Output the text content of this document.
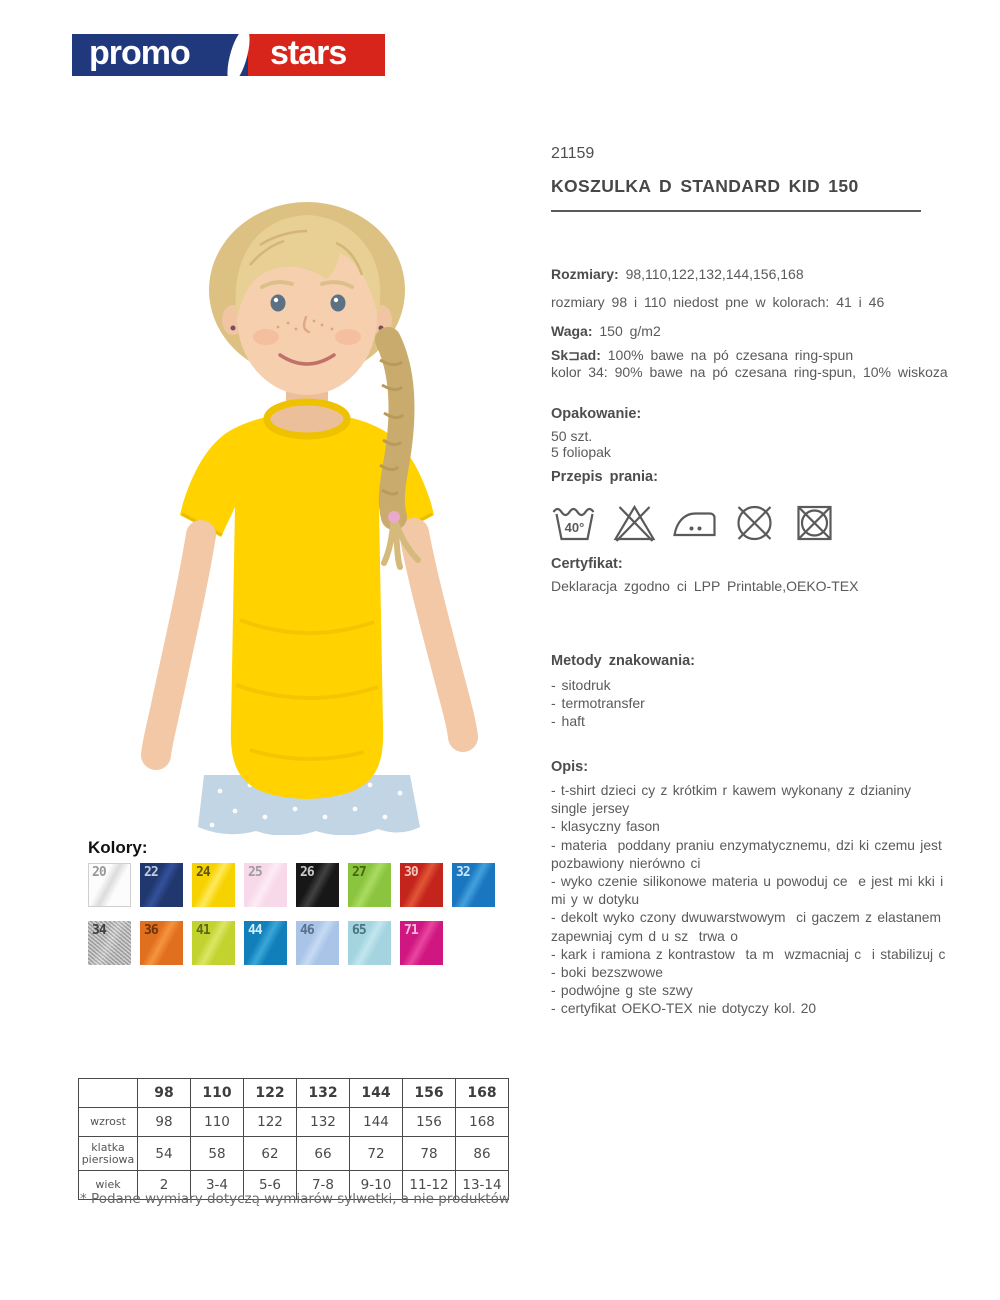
promo stars
21159
KOSZULKA D STANDARD KID 150
Rozmiary: 98,110,122,132,144,156,168
rozmiary 98 i 110 niedost pne w kolorach: 41 i 46
Waga: 150 g/m2
Sk⊐ad: 100% bawe na pó czesana ring-spun
kolor 34: 90% bawe na pó czesana ring-spun, 10% wiskoza
Opakowanie:
50 szt.
5 foliopak
Przepis prania:
40°
Certyfikat:
Deklaracja zgodno ci LPP Printable,OEKO-TEX
Metody znakowania:
- sitodruk
- termotransfer
- haft
Opis:
- t-shirt dzieci cy z krótkim r kawem wykonany z dzianiny single jersey
- klasyczny fason
- materia  poddany praniu enzymatycznemu, dzi ki czemu jest pozbawiony nierówno ci
- wyko czenie silikonowe materia u powoduj ce  e jest mi kki i mi y w dotyku
- dekolt wyko czony dwuwarstwowym  ci gaczem z elastanem zapewniaj cym d u sz  trwa o
- kark i ramiona z kontrastow  ta m  wzmacniaj c  i stabilizuj c
- boki bezszwowe
- podwójne g ste szwy
- certyfikat OEKO-TEX nie dotyczy kol. 20
Kolory:
20	22	24	25	26	27	30	32
34	36	41	44	46	65	71
	98	110	122	132	144	156	168
wzrost	98	110	122	132	144	156	168
klatka piersiowa	54	58	62	66	72	78	86
wiek	2	3-4	5-6	7-8	9-10	11-12	13-14
* Podane wymiary dotyczą wymiarów sylwetki, a nie produktów
